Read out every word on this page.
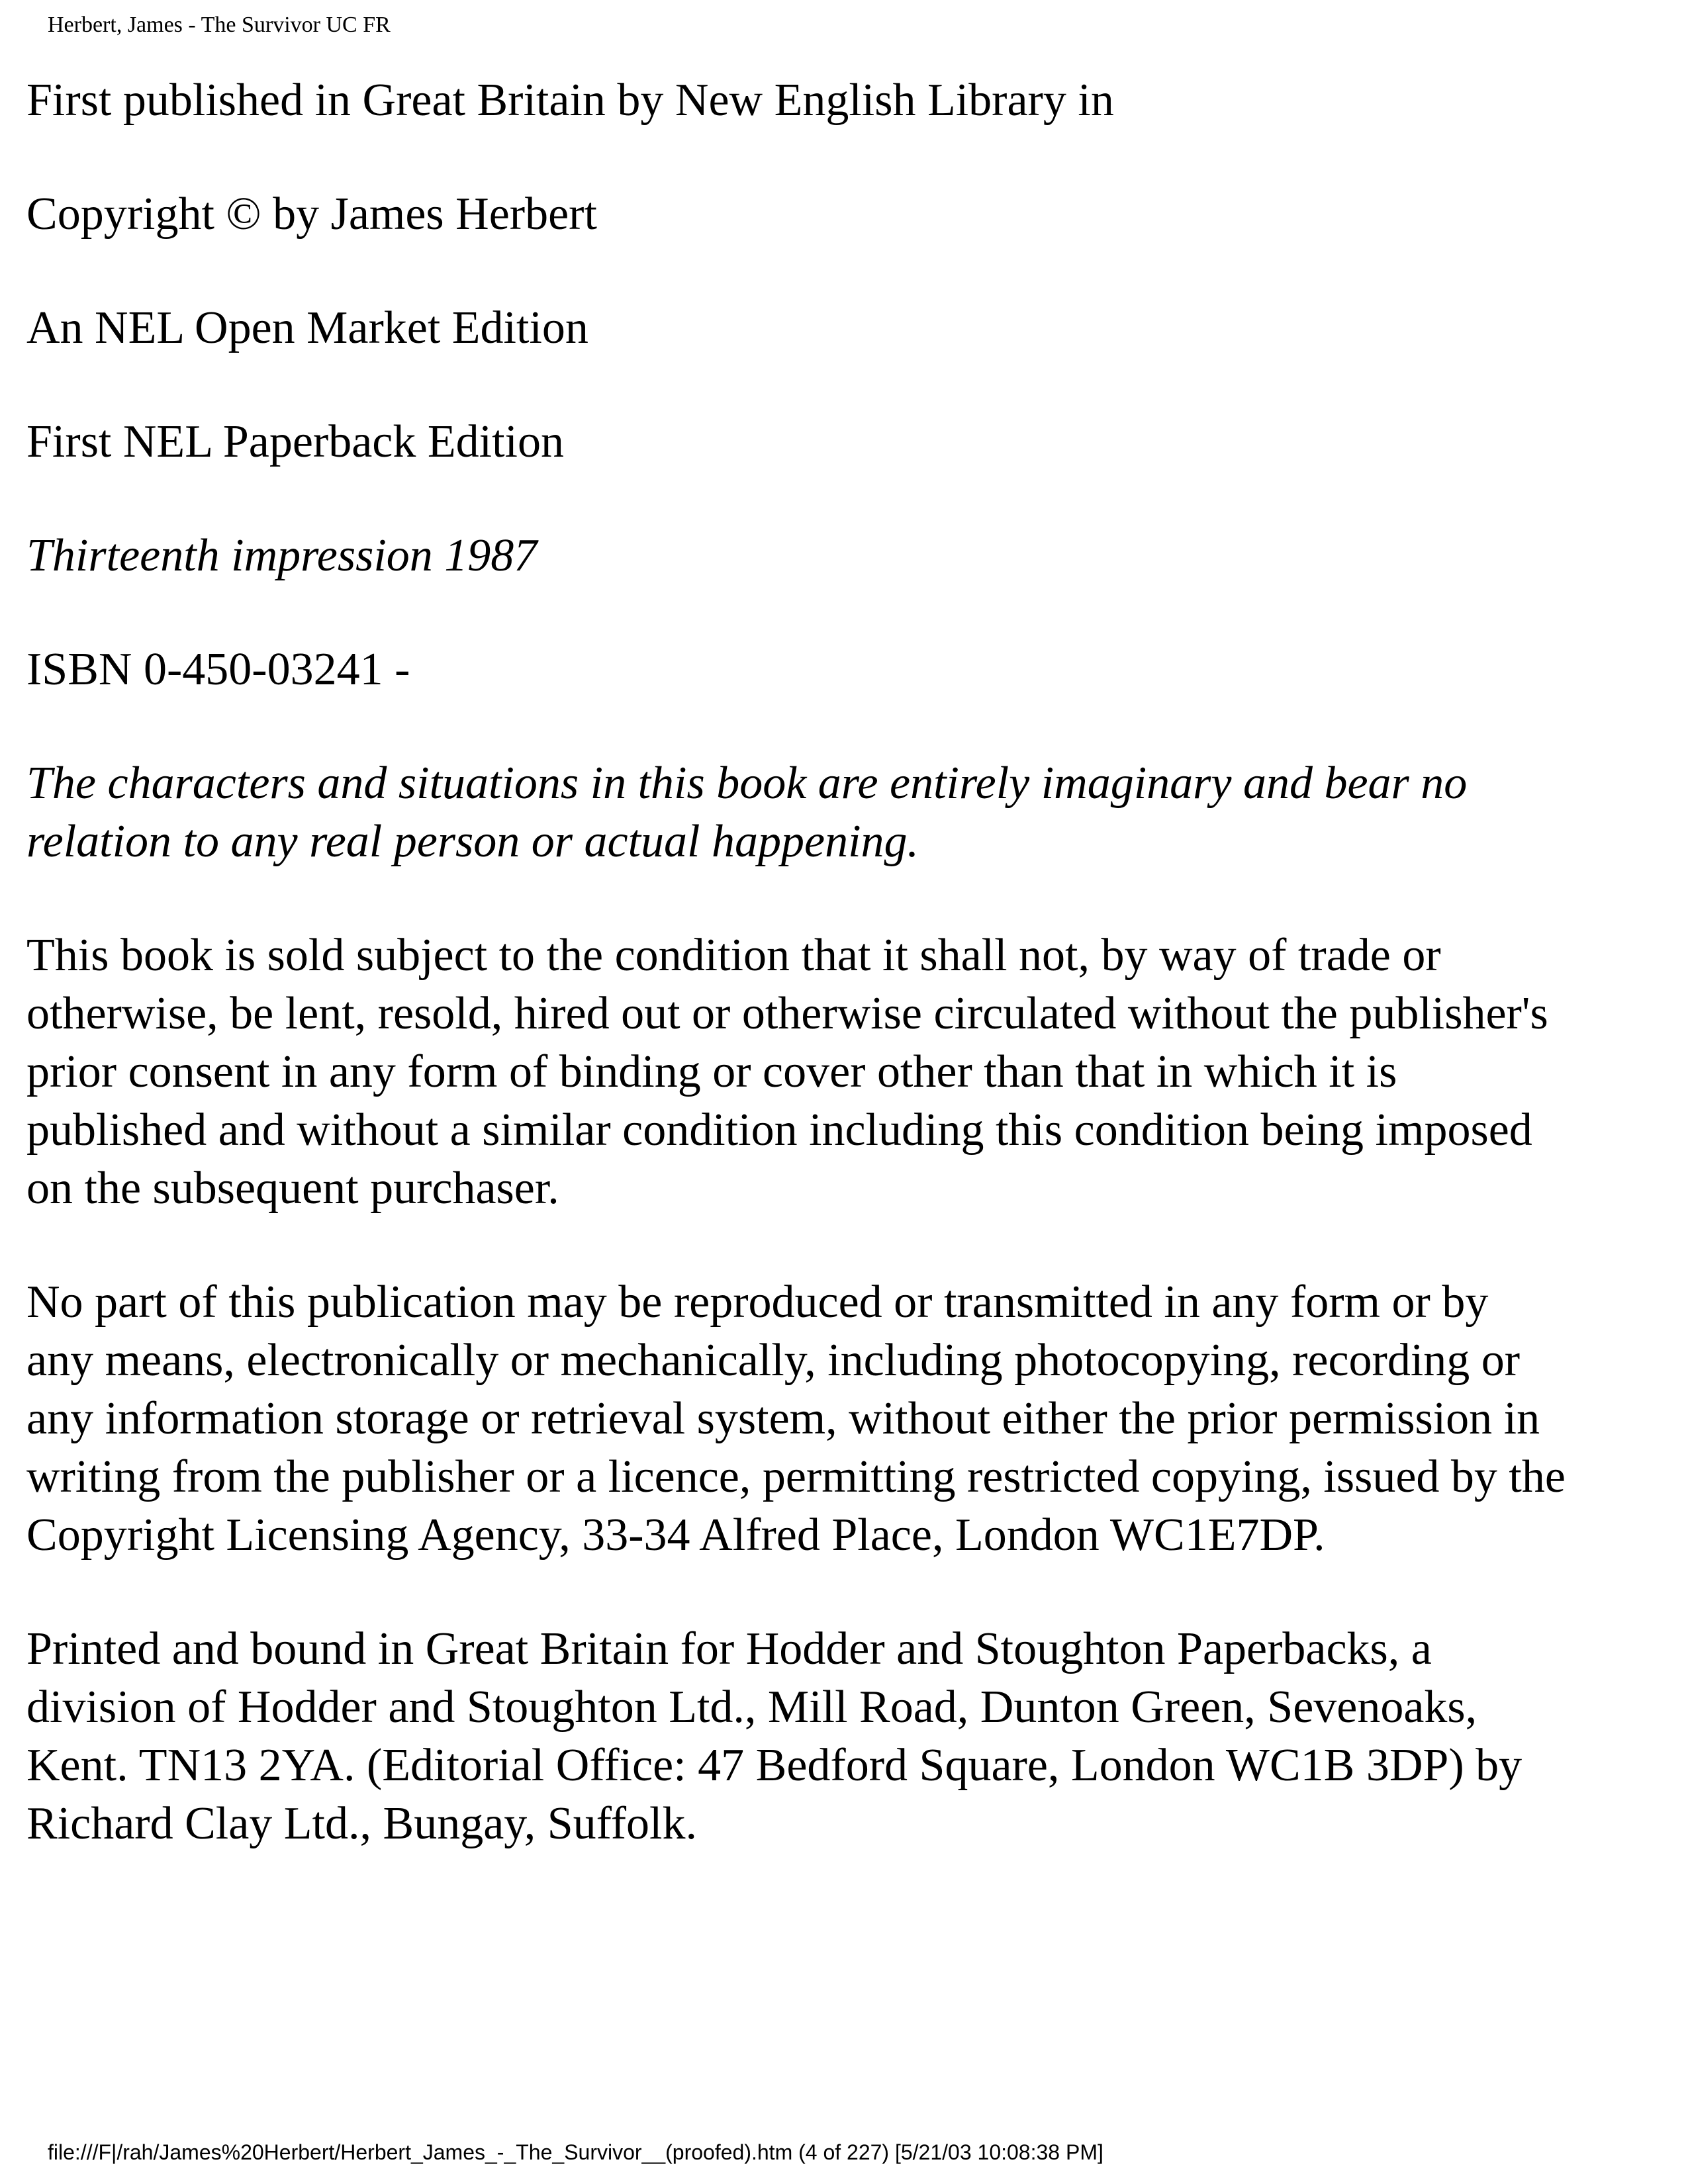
Herbert, James - The Survivor UC FR

First published in Great Britain by New English Library in

Copyright © by James Herbert

An NEL Open Market Edition

First NEL Paperback Edition

Thirteenth impression 1987

ISBN 0-450-03241 -

The characters and situations in this book are entirely imaginary and bear no
relation to any real person or actual happening.

This book is sold subject to the condition that it shall not, by way of trade or
otherwise, be lent, resold, hired out or otherwise circulated without the publisher's
prior consent in any form of binding or cover other than that in which it is
published and without a similar condition including this condition being imposed
on the subsequent purchaser.

No part of this publication may be reproduced or transmitted in any form or by
any means, electronically or mechanically, including photocopying, recording or
any information storage or retrieval system, without either the prior permission in
writing from the publisher or a licence, permitting restricted copying, issued by the
Copyright Licensing Agency, 33-34 Alfred Place, London WC1E7DP.

Printed and bound in Great Britain for Hodder and Stoughton Paperbacks, a
division of Hodder and Stoughton Ltd., Mill Road, Dunton Green, Sevenoaks,
Kent. TN13 2YA. (Editorial Office: 47 Bedford Square, London WC1B 3DP) by
Richard Clay Ltd., Bungay, Suffolk.

file:///F|/rah/James%20Herbert/Herbert_James_-_The_Survivor__(proofed).htm (4 of 227) [5/21/03 10:08:38 PM]
